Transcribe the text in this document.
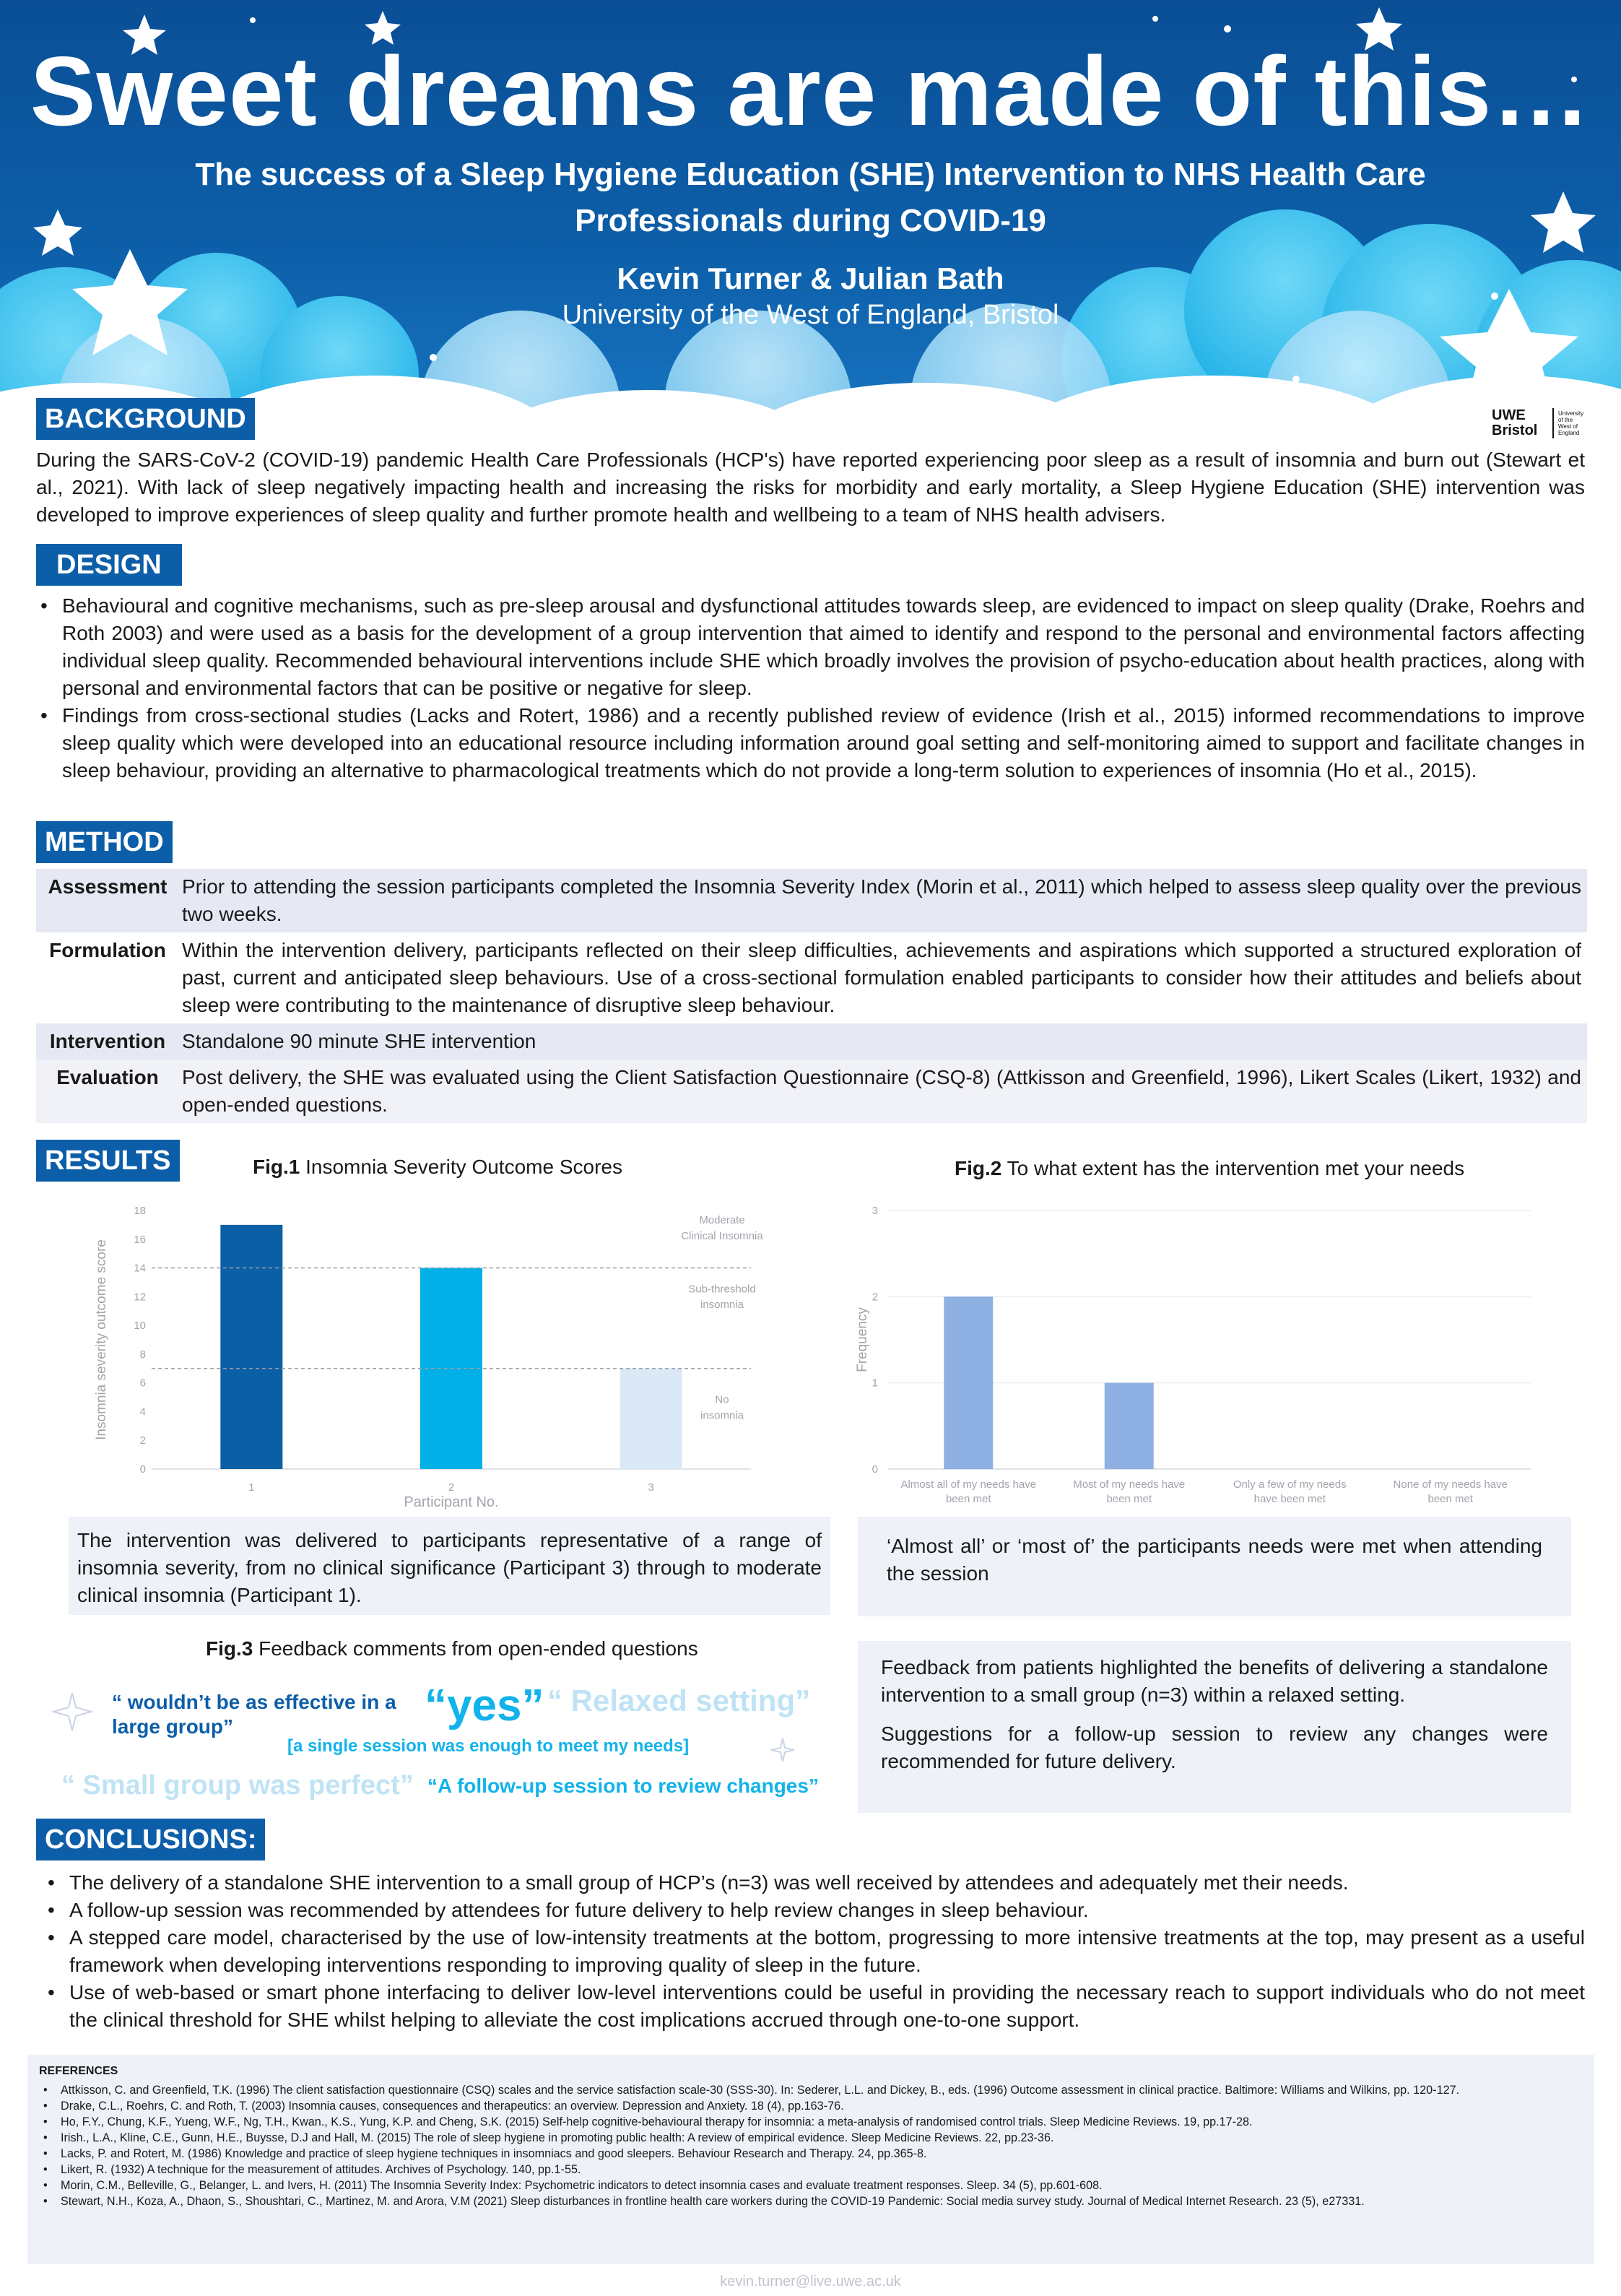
Sweet dreams are made of this…
The success of a Sleep Hygiene Education (SHE) Intervention to NHS Health Care Professionals during COVID-19
Kevin Turner & Julian Bath
University of the West of England, Bristol
UWE
Bristol
University
of the
West of
England
BACKGROUND
During the SARS-CoV-2 (COVID-19) pandemic Health Care Professionals (HCP's) have reported experiencing poor sleep as a result of insomnia and burn out (Stewart et al., 2021). With lack of sleep negatively impacting health and increasing the risks for morbidity and early mortality, a Sleep Hygiene Education (SHE) intervention was developed to improve experiences of sleep quality and further promote health and wellbeing to a team of NHS health advisers.
DESIGN
• Behavioural and cognitive mechanisms, such as pre-sleep arousal and dysfunctional attitudes towards sleep, are evidenced to impact on sleep quality (Drake, Roehrs and Roth 2003) and were used as a basis for the development of a group intervention that aimed to identify and respond to the personal and environmental factors affecting individual sleep quality. Recommended behavioural interventions include SHE which broadly involves the provision of psycho-education about health practices, along with personal and environmental factors that can be positive or negative for sleep.
• Findings from cross-sectional studies (Lacks and Rotert, 1986) and a recently published review of evidence (Irish et al., 2015) informed recommendations to improve sleep quality which were developed into an educational resource including information around goal setting and self-monitoring aimed to support and facilitate changes in sleep behaviour, providing an alternative to pharmacological treatments which do not provide a long-term solution to experiences of insomnia (Ho et al., 2015).
METHOD
Assessment Prior to attending the session participants completed the Insomnia Severity Index (Morin et al., 2011) which helped to assess sleep quality over the previous two weeks.
Formulation Within the intervention delivery, participants reflected on their sleep difficulties, achievements and aspirations which supported a structured exploration of past, current and anticipated sleep behaviours. Use of a cross-sectional formulation enabled participants to consider how their attitudes and beliefs about sleep were contributing to the maintenance of disruptive sleep behaviour.
Intervention Standalone 90 minute SHE intervention
Evaluation	Post delivery, the SHE was evaluated using the Client Satisfaction Questionnaire (CSQ-8) (Attkisson and Greenfield, 1996), Likert Scales (Likert, 1932) and open-ended questions.
RESULTS	Fig.1 Insomnia Severity Outcome Scores	Fig.2 To what extent has the intervention met your needs
0
2
4
6
8
10
12
14
16
18
1	2	3
Moderate
Clinical Insomnia
Sub-threshold
insomnia
No
insomnia
Participant No.
Insomnia severity outcome score
0
1
2
3
Almost all of my needs have
been met
Most of my needs have
been met
Only a few of my needs
have been met
None of my needs have
been met
Frequency
The intervention was delivered to participants representative of a range of insomnia severity, from no clinical significance (Participant 3) through to moderate clinical insomnia (Participant 1).
‘Almost all’ or ‘most of’ the participants needs were met when attending the session
Fig.3 Feedback comments from open-ended questions
“ wouldn’t be as effective in a large group”	“yes” “ Relaxed setting”
[a single session was enough to meet my needs]
“ Small group was perfect” “A follow-up session to review changes”
Feedback from patients highlighted the benefits of delivering a standalone intervention to a small group (n=3) within a relaxed setting.
Suggestions for a follow-up session to review any changes were recommended for future delivery.
CONCLUSIONS:
• The delivery of a standalone SHE intervention to a small group of HCP’s (n=3) was well received by attendees and adequately met their needs.
• A follow-up session was recommended by attendees for future delivery to help review changes in sleep behaviour.
• A stepped care model, characterised by the use of low-intensity treatments at the bottom, progressing to more intensive treatments at the top, may present as a useful framework when developing interventions responding to improving quality of sleep in the future.
• Use of web-based or smart phone interfacing to deliver low-level interventions could be useful in providing the necessary reach to support individuals who do not meet the clinical threshold for SHE whilst helping to alleviate the cost implications accrued through one-to-one support.
REFERENCES
• Attkisson, C. and Greenfield, T.K. (1996) The client satisfaction questionnaire (CSQ) scales and the service satisfaction scale-30 (SSS-30). In: Sederer, L.L. and Dickey, B., eds. (1996) Outcome assessment in clinical practice. Baltimore: Williams and Wilkins, pp. 120-127.
• Drake, C.L., Roehrs, C. and Roth, T. (2003) Insomnia causes, consequences and therapeutics: an overview. Depression and Anxiety. 18 (4), pp.163-76.
• Ho, F.Y., Chung, K.F., Yueng, W.F., Ng, T.H., Kwan., K.S., Yung, K.P. and Cheng, S.K. (2015) Self-help cognitive-behavioural therapy for insomnia: a meta-analysis of randomised control trials. Sleep Medicine Reviews. 19, pp.17-28.
• Irish., L.A., Kline, C.E., Gunn, H.E., Buysse, D.J and Hall, M. (2015) The role of sleep hygiene in promoting public health: A review of empirical evidence. Sleep Medicine Reviews. 22, pp.23-36.
• Lacks, P. and Rotert, M. (1986) Knowledge and practice of sleep hygiene techniques in insomniacs and good sleepers. Behaviour Research and Therapy. 24, pp.365-8.
• Likert, R. (1932) A technique for the measurement of attitudes. Archives of Psychology. 140, pp.1-55.
• Morin, C.M., Belleville, G., Belanger, L. and Ivers, H. (2011) The Insomnia Severity Index: Psychometric indicators to detect insomnia cases and evaluate treatment responses. Sleep. 34 (5), pp.601-608.
• Stewart, N.H., Koza, A., Dhaon, S., Shoushtari, C., Martinez, M. and Arora, V.M (2021) Sleep disturbances in frontline health care workers during the COVID-19 Pandemic: Social media survey study. Journal of Medical Internet Research. 23 (5), e27331.
kevin.turner@live.uwe.ac.uk
